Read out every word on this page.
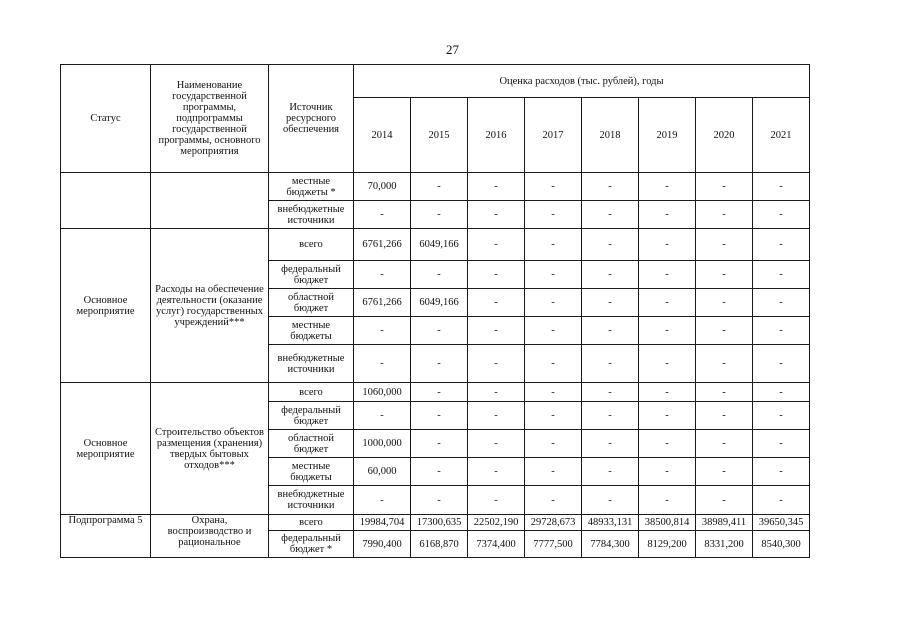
27
Статус	Наименование государственной программы, подпрограммы государственной программы, основного мероприятия	Источник ресурсного обеспечения	Оценка расходов (тыс. рублей), годы							
			2014	2015	2016	2017	2018	2019	2020	2021
		местные бюджеты *	70,000	-	-	-	-	-	-	-
		внебюджетные источники	-	-	-	-	-	-	-	-
Основное мероприятие	Расходы на обеспечение деятельности (оказание услуг) государственных учреждений***	всего	6761,266	6049,166	-	-	-	-	-	-
		федеральный бюджет	-	-	-	-	-	-	-	-
		областной бюджет	6761,266	6049,166	-	-	-	-	-	-
		местные бюджеты	-	-	-	-	-	-	-	-
		внебюджетные источники	-	-	-	-	-	-	-	-
Основное мероприятие	Строительство объектов размещения (хранения) твердых бытовых отходов***	всего	1060,000	-	-	-	-	-	-	-
		федеральный бюджет	-	-	-	-	-	-	-	-
		областной бюджет	1000,000	-	-	-	-	-	-	-
		местные бюджеты	60,000	-	-	-	-	-	-	-
		внебюджетные источники	-	-	-	-	-	-	-	-
Подпрограмма 5	Охрана, воспроизводство и рациональное	всего	19984,704	17300,635	22502,190	29728,673	48933,131	38500,814	38989,411	39650,345
		федеральный бюджет *	7990,400	6168,870	7374,400	7777,500	7784,300	8129,200	8331,200	8540,300
